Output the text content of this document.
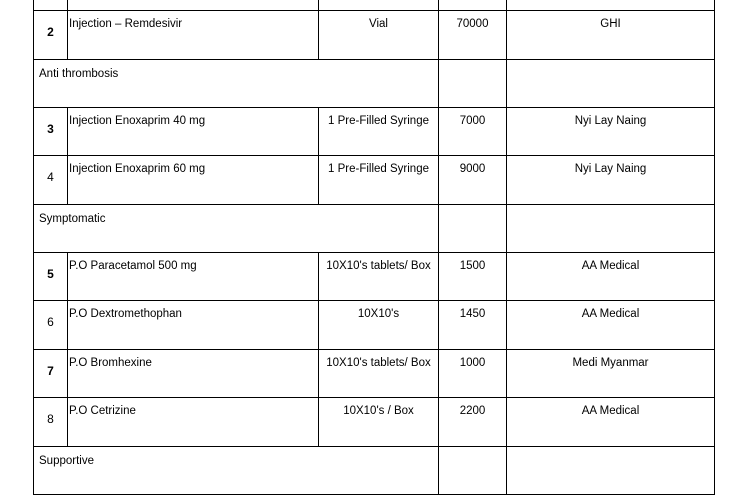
2	Injection – Remdesivir	Vial	70000	GHI
Anti thrombosis				
3	Injection Enoxaprim 40 mg	1 Pre-Filled Syringe	7000	Nyi Lay Naing
4	Injection Enoxaprim 60 mg	1 Pre-Filled Syringe	9000	Nyi Lay Naing
Symptomatic				
5	P.O Paracetamol 500 mg	10X10's tablets/ Box	1500	AA Medical
6	P.O Dextromethophan	10X10's	1450	AA Medical
7	P.O Bromhexine	10X10's tablets/ Box	1000	Medi Myanmar
8	P.O Cetrizine	10X10's / Box	2200	AA Medical
Supportive				
